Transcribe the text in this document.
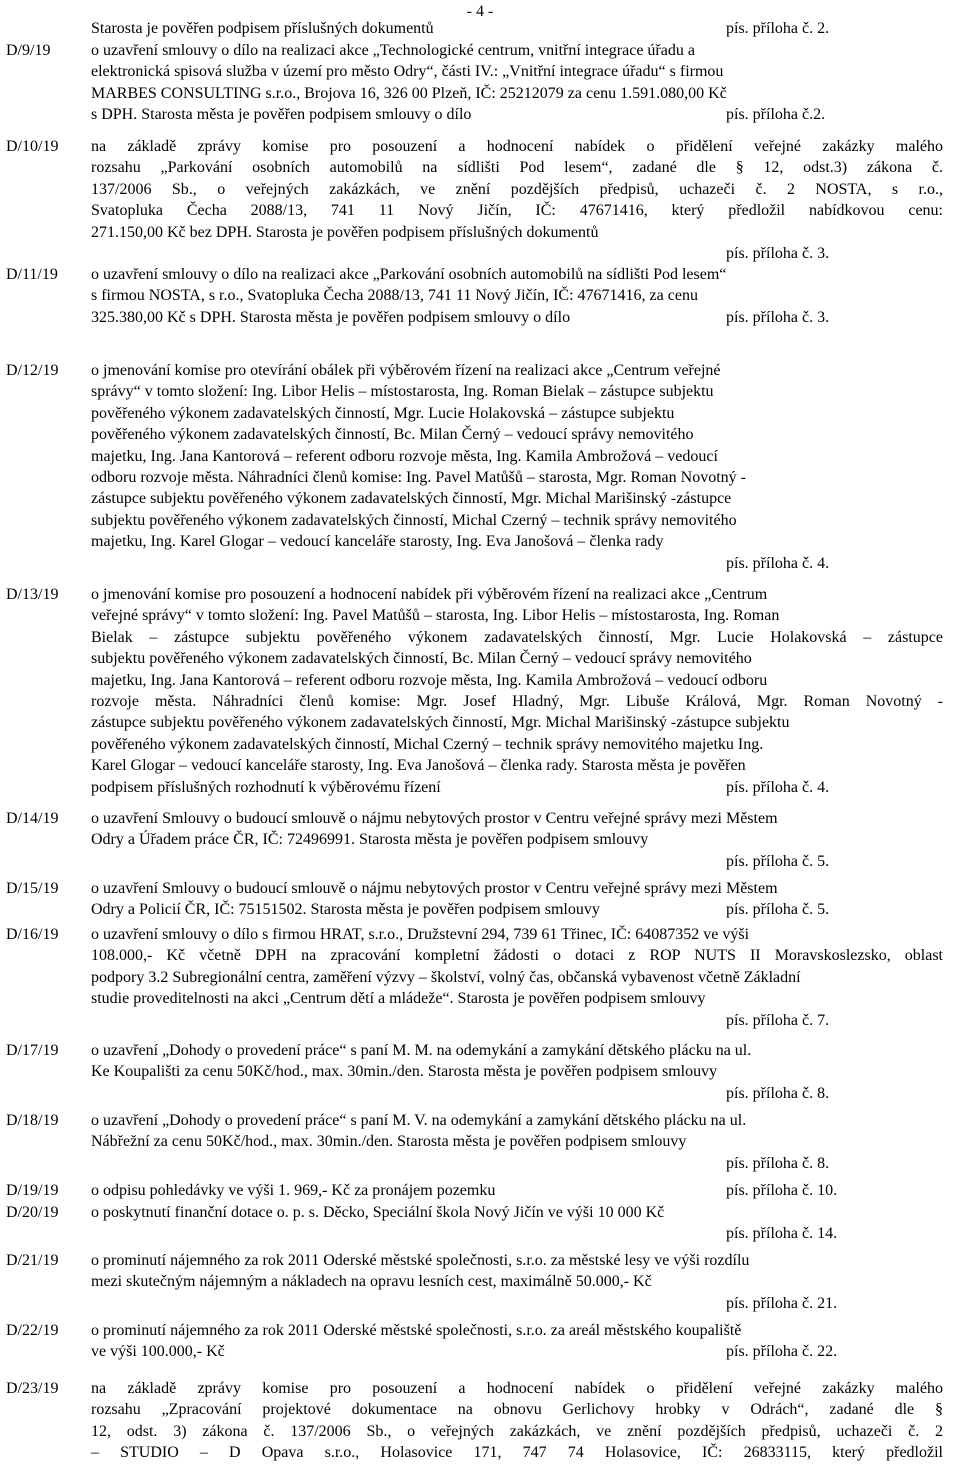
- 4 -
Starosta je pověřen podpisem příslušných dokumentů	pís. příloha č. 2.
D/9/19	o uzavření smlouvy o dílo na realizaci akce „Technologické centrum, vnitřní integrace úřadu a
elektronická spisová služba v území pro město Odry“, části IV.: „Vnitřní integrace úřadu“ s firmou
MARBES CONSULTING s.r.o., Brojova 16, 326 00 Plzeň, IČ: 25212079 za cenu 1.591.080,00 Kč
s DPH. Starosta města je pověřen podpisem smlouvy o dílo	pís. příloha č.2.
D/10/19 na základě zprávy komise pro posouzení a hodnocení nabídek o přidělení veřejné zakázky malého
rozsahu „Parkování osobních automobilů na sídlišti Pod lesem“, zadané dle § 12, odst.3) zákona č.
137/2006 Sb., o veřejných zakázkách, ve znění pozdějších předpisů, uchazeči č. 2 NOSTA, s r.o.,
Svatopluka Čecha 2088/13, 741 11 Nový Jičín, IČ: 47671416, který předložil nabídkovou cenu:
271.150,00 Kč bez DPH. Starosta je pověřen podpisem příslušných dokumentů
pís. příloha č. 3.
D/11/19 o uzavření smlouvy o dílo na realizaci akce „Parkování osobních automobilů na sídlišti Pod lesem“
s firmou NOSTA, s r.o., Svatopluka Čecha 2088/13, 741 11 Nový Jičín, IČ: 47671416, za cenu
325.380,00 Kč s DPH. Starosta města je pověřen podpisem smlouvy o dílo	pís. příloha č. 3.
D/12/19 o jmenování komise pro otevírání obálek při výběrovém řízení na realizaci akce „Centrum veřejné
správy“ v tomto složení: Ing. Libor Helis – místostarosta, Ing. Roman Bielak – zástupce subjektu
pověřeného výkonem zadavatelských činností, Mgr. Lucie Holakovská – zástupce subjektu
pověřeného výkonem zadavatelských činností, Bc. Milan Černý – vedoucí správy nemovitého
majetku, Ing. Jana Kantorová – referent odboru rozvoje města, Ing. Kamila Ambrožová – vedoucí
odboru rozvoje města. Náhradníci členů komise: Ing. Pavel Matůšů – starosta, Mgr. Roman Novotný -
zástupce subjektu pověřeného výkonem zadavatelských činností, Mgr. Michal Marišinský -zástupce
subjektu pověřeného výkonem zadavatelských činností, Michal Czerný – technik správy nemovitého
majetku, Ing. Karel Glogar – vedoucí kanceláře starosty, Ing. Eva Janošová – členka rady
pís. příloha č. 4.
D/13/19 o jmenování komise pro posouzení a hodnocení nabídek při výběrovém řízení na realizaci akce „Centrum
veřejné správy“ v tomto složení: Ing. Pavel Matůšů – starosta, Ing. Libor Helis – místostarosta, Ing. Roman
Bielak – zástupce subjektu pověřeného výkonem zadavatelských činností, Mgr. Lucie Holakovská – zástupce
subjektu pověřeného výkonem zadavatelských činností, Bc. Milan Černý – vedoucí správy nemovitého
majetku, Ing. Jana Kantorová – referent odboru rozvoje města, Ing. Kamila Ambrožová – vedoucí odboru
rozvoje města. Náhradníci členů komise: Mgr. Josef Hladný, Mgr. Libuše Králová, Mgr. Roman Novotný -
zástupce subjektu pověřeného výkonem zadavatelských činností, Mgr. Michal Marišinský -zástupce subjektu
pověřeného výkonem zadavatelských činností, Michal Czerný – technik správy nemovitého majetku Ing.
Karel Glogar – vedoucí kanceláře starosty, Ing. Eva Janošová – členka rady. Starosta města je pověřen
podpisem příslušných rozhodnutí k výběrovému řízení	pís. příloha č. 4.
D/14/19 o uzavření Smlouvy o budoucí smlouvě o nájmu nebytových prostor v Centru veřejné správy mezi Městem
Odry a Úřadem práce ČR, IČ: 72496991. Starosta města je pověřen podpisem smlouvy
pís. příloha č. 5.
D/15/19 o uzavření Smlouvy o budoucí smlouvě o nájmu nebytových prostor v Centru veřejné správy mezi Městem
Odry a Policií ČR, IČ: 75151502. Starosta města je pověřen podpisem smlouvy	pís. příloha č. 5.
D/16/19 o uzavření smlouvy o dílo s firmou HRAT, s.r.o., Družstevní 294, 739 61 Třinec, IČ: 64087352 ve výši
108.000,- Kč včetně DPH na zpracování kompletní žádosti o dotaci z ROP NUTS II Moravskoslezsko, oblast
podpory 3.2 Subregionální centra, zaměření výzvy – školství, volný čas, občanská vybavenost včetně Základní
studie proveditelnosti na akci „Centrum dětí a mládeže“. Starosta je pověřen podpisem smlouvy
pís. příloha č. 7.
D/17/19 o uzavření „Dohody o provedení práce“ s paní M. M. na odemykání a zamykání dětského plácku na ul.
Ke Koupališti za cenu 50Kč/hod., max. 30min./den. Starosta města je pověřen podpisem smlouvy
pís. příloha č. 8.
D/18/19 o uzavření „Dohody o provedení práce“ s paní M. V. na odemykání a zamykání dětského plácku na ul.
Nábřežní za cenu 50Kč/hod., max. 30min./den. Starosta města je pověřen podpisem smlouvy
pís. příloha č. 8.
D/19/19 o odpisu pohledávky ve výši 1. 969,- Kč za pronájem pozemku	pís. příloha č. 10.
D/20/19 o poskytnutí finanční dotace o. p. s. Děcko, Speciální škola Nový Jičín ve výši 10 000 Kč
pís. příloha č. 14.
D/21/19 o prominutí nájemného za rok 2011 Oderské městské společnosti, s.r.o. za městské lesy ve výši rozdílu
mezi skutečným nájemným a nákladech na opravu lesních cest, maximálně 50.000,- Kč
pís. příloha č. 21.
D/22/19 o prominutí nájemného za rok 2011 Oderské městské společnosti, s.r.o. za areál městského koupaliště
ve výši 100.000,- Kč	pís. příloha č. 22.
D/23/19 na základě zprávy komise pro posouzení a hodnocení nabídek o přidělení veřejné zakázky malého
rozsahu „Zpracování projektové dokumentace na obnovu Gerlichovy hrobky v Odrách“, zadané dle §
12, odst. 3) zákona č. 137/2006 Sb., o veřejných zakázkách, ve znění pozdějších předpisů, uchazeči č. 2
– STUDIO – D Opava s.r.o., Holasovice 171, 747 74 Holasovice, IČ: 26833115, který předložil
